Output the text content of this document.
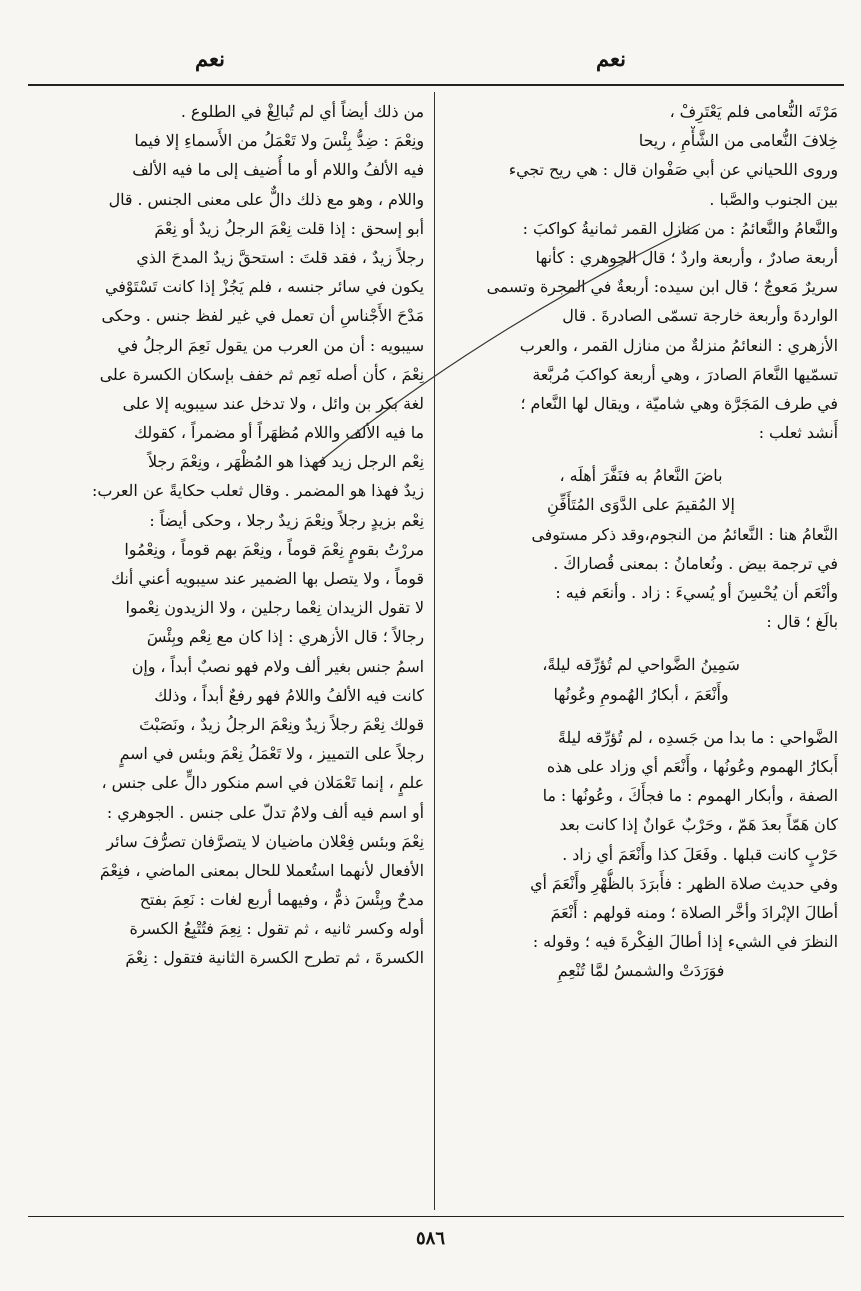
نعم
نعم
مَرْتَه النُّعامى فلم يَعْتَرِفْ ،
خِلافَ النُّعامى من الشَّأْمِ ، ريحا
وروى اللحياني عن أبي صَفْوان قال : هي ريح تجيء
بين الجنوب والصَّبا .
والنَّعامُ والنَّعائمُ : من منازل القمر ثمانيةُ كواكبَ :
أربعة صادرٌ ، وأربعة واردٌ ؛ قال الجوهري : كأنها
سريرٌ مَعوجٌ ؛ قال ابن سيده: أربعةٌ في المجرة وتسمى
الواردةَ وأربعة خارجة تسمّى الصادرةَ . قال
الأزهري : النعائمُ منزلةٌ من منازل القمر ، والعرب
تسمّيها النَّعامَ الصادرَ ، وهي أربعة كواكبَ مُربَّعة
في طرف المَجَرَّة وهي شاميّة ، ويقال لها النَّعام ؛
أَنشد ثعلب :
باضَ النَّعامُ به فنَفَّرَ أهلَه ،
إلا المُقيمَ على الدَّوَى المُتَأَفِّنِ
النَّعامُ هنا : النَّعائمُ من النجوم،وقد ذكر مستوفى
في ترجمة بيض . ونُعامانُ : بمعنى قُصاراكَ .
وأنْعَم أن يُحْسِنَ أو يُسيءَ : زاد . وأنعَم فيه :
بالَغ ؛ قال :
سَمِينُ الضَّواحي لم تُؤرِّقه ليلةً،
وأَنْعَمَ ، أبكارُ الهُمومِ وعُونُها
الضَّواحي : ما بدا من جَسدِه ، لم تُؤرِّقه ليلةً
أَبكارُ الهموم وعُونُها ، وأَنْعَم أي وزاد على هذه
الصفة ، وأبكار الهموم : ما فجأَكَ ، وعُونُها : ما
كان هَمّاً بعدَ هَمّ ، وحَرْبٌ عَوانٌ إذا كانت بعد
حَرْبٍ كانت قبلها . وفَعَلَ كذا وأَنْعَمَ أي زاد .
وفي حديث صلاة الظهر : فأَبرَدَ بالظُّهْرِ وأَنْعَمَ أي
أطالَ الإبْرادَ وأخَّر الصلاة ؛ ومنه قولهم : أَنْعَمَ
النظرَ في الشيء إذا أطالَ الفِكْرةَ فيه ؛ وقوله :
فوَرَدَتْ والشمسُ لمَّا تُنْعِمِ
من ذلك أيضاً أي لم تُبالِغْ في الطلوع .
ونِعْمَ : ضِدُّ بِئْسَ ولا تَعْمَلُ من الأَسماءِ إلا فيما
فيه الألفُ واللام أو ما أُضيف إلى ما فيه الألف
واللام ، وهو مع ذلك دالٌّ على معنى الجنس . قال
أبو إسحق : إذا قلت نِعْمَ الرجلُ زيدٌ أو نِعْمَ
رجلاً زيدٌ ، فقد قلتَ : استحقَّ زيدٌ المدحَ الذي
يكون في سائر جنسه ، فلم يَجُزْ إذا كانت تَسْتَوْفي
مَدْحَ الأَجْناسِ أن تعمل في غير لفظ جنس . وحكى
سيبويه : أن من العرب من يقول نَعِمَ الرجلُ في
نِعْمَ ، كأن أصله نَعِم ثم خفف بإسكان الكسرة على
لغة بكر بن وائل ، ولا تدخل عند سيبويه إلا على
ما فيه الألف واللام مُظهَراً أو مضمراً ، كقولك
نِعْم الرجل زيد فهذا هو المُظْهَر ، ونِعْمَ رجلاً
زيدٌ فهذا هو المضمر . وقال ثعلب حكايةً عن العرب:
نِعْم بزيدٍ رجلاً ونِعْمَ زيدٌ رجلا ، وحكى أيضاً :
مررْتُ بقومٍ نِعْمَ قوماً ، ونِعْمَ بهم قوماً ، ونِعْمُوا
قوماً ، ولا يتصل بها الضمير عند سيبويه أعني أنك
لا تقول الزيدان نِعْما رجلين ، ولا الزيدون نِعْموا
رجالاً ؛ قال الأزهري : إذا كان مع نِعْم وبِئْسَ
اسمُ جنس بغير ألف ولام فهو نصبٌ أبداً ، وإن
كانت فيه الألفُ واللامُ فهو رفعٌ أبداً ، وذلك
قولك نِعْمَ رجلاً زيدٌ ونِعْمَ الرجلُ زيدٌ ، ونَصَبْتَ
رجلاً على التمييز ، ولا تَعْمَلُ نِعْمَ وبئس في اسمٍ
علمٍ ، إنما تَعْمَلان في اسم منكور دالٍّ على جنس ،
أو اسم فيه ألف ولامٌ تدلّ على جنس . الجوهري :
نِعْمَ وبئس فِعْلان ماضيان لا يتصرَّفان تصرُّفَ سائر
الأفعال لأنهما استُعملا للحال بمعنى الماضي ، فنِعْمَ
مدحٌ وبِئْسَ ذمٌّ ، وفيهما أربع لغات : نَعِمَ بفتح
أوله وكسر ثانيه ، ثم تقول : نِعِمَ فتُتْبِعُ الكسرة
الكسرةَ ، ثم تطرح الكسرة الثانية فتقول : نِعْمَ
٥٨٦
